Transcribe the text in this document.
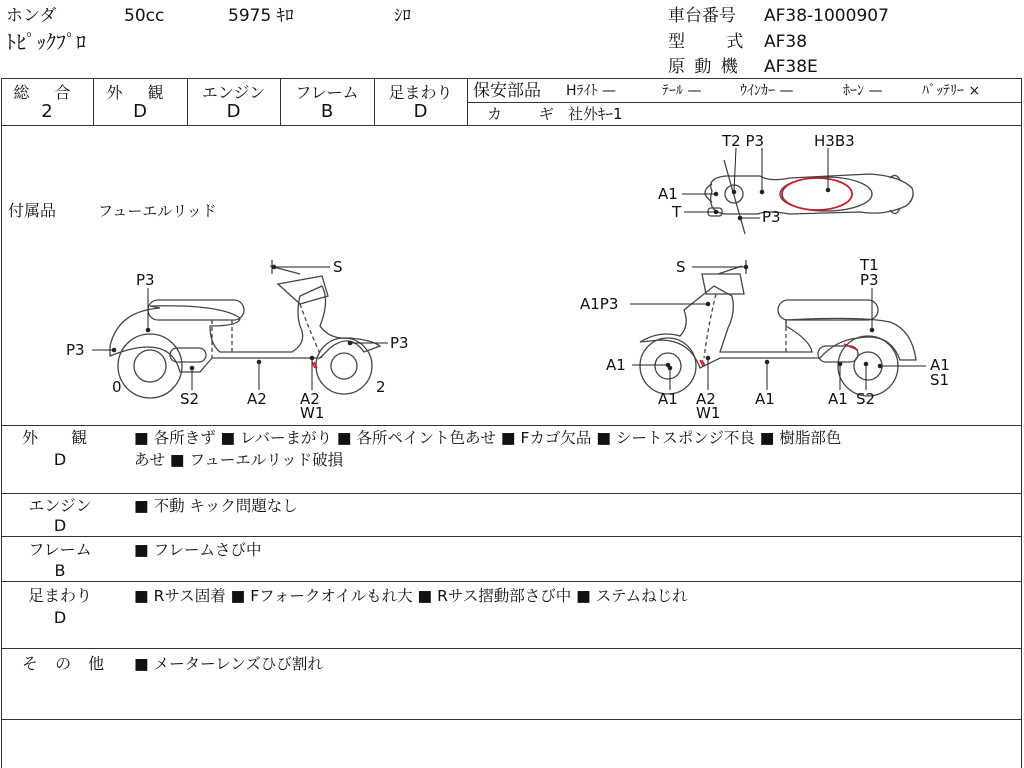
ホンダ	50cc	5975 ｷﾛ	ｼﾛ
ﾄﾋﾟｯｸﾌﾟﾛ
車台番号 AF38-1000907
型 式 AF38
原 動 機 AF38E
総 合
2
外 観
D
エンジン
D
フレーム
B
足まわり
D
保安部品 Hﾗｲﾄ —	ﾃｰﾙ —	ｳｲﾝｶｰ —	ﾎｰﾝ —	ﾊﾞｯﾃﾘｰ ×
カ ギ
社外ｷｰ1
付属品	フューエルリッド
T2 P3	H3B3
A1
T	P3
S
P3
P3	P3
0
S2	A2 A2
W1
2
S	T1
P3
A1P3
A1
A1 A2
W1
A1	A1 S2
A1
S1
外 観
D
■ 各所きず ■ レバーまがり ■ 各所ペイント色あせ ■ Fカゴ欠品 ■ シートスポンジ不良 ■ 樹脂部色
あせ ■ フューエルリッド破損
エンジン
D
■ 不動 キック問題なし
フレーム
B
■ フレームさび中
足まわり
D
■ Rサス固着 ■ Fフォークオイルもれ大 ■ Rサス摺動部さび中 ■ ステムねじれ
そ の 他 ■ メーターレンズひび割れ
